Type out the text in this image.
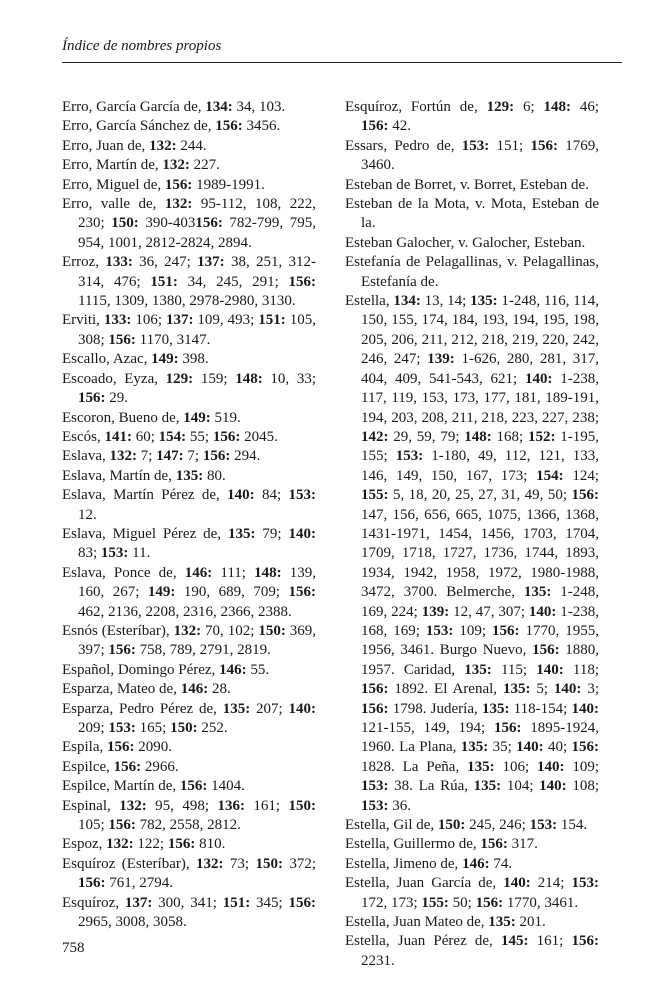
Índice de nombres propios

Erro, García García de, 134: 34, 103.

Erro, García Sánchez de, 156: 3456.

Erro, Juan de, 132: 244.

Erro, Martín de, 132: 227.

Erro, Miguel de, 156: 1989-1991.

Erro, valle de, 132: 95-112, 108, 222, 230; 150: 390-403156: 782-799, 795, 954, 1001, 2812-2824, 2894.

Erroz, 133: 36, 247; 137: 38, 251, 312-314, 476; 151: 34, 245, 291; 156: 1115, 1309, 1380, 2978-2980, 3130.

Erviti, 133: 106; 137: 109, 493; 151: 105, 308; 156: 1170, 3147.

Escallo, Azac, 149: 398.

Escoado, Eyza, 129: 159; 148: 10, 33; 156: 29.

Escoron, Bueno de, 149: 519.

Escós, 141: 60; 154: 55; 156: 2045.

Eslava, 132: 7; 147: 7; 156: 294.

Eslava, Martín de, 135: 80.

Eslava, Martín Pérez de, 140: 84; 153: 12.

Eslava, Miguel Pérez de, 135: 79; 140: 83; 153: 11.

Eslava, Ponce de, 146: 111; 148: 139, 160, 267; 149: 190, 689, 709; 156: 462, 2136, 2208, 2316, 2366, 2388.

Esnós (Esteríbar), 132: 70, 102; 150: 369, 397; 156: 758, 789, 2791, 2819.

Español, Domingo Pérez, 146: 55.

Esparza, Mateo de, 146: 28.

Esparza, Pedro Pérez de, 135: 207; 140: 209; 153: 165; 150: 252.

Espila, 156: 2090.

Espilce, 156: 2966.

Espilce, Martín de, 156: 1404.

Espinal, 132: 95, 498; 136: 161; 150: 105; 156: 782, 2558, 2812.

Espoz, 132: 122; 156: 810.

Esquíroz (Esteríbar), 132: 73; 150: 372; 156: 761, 2794.

Esquíroz, 137: 300, 341; 151: 345; 156: 2965, 3008, 3058.

Esquíroz, Fortún de, 129: 6; 148: 46; 156: 42.

Essars, Pedro de, 153: 151; 156: 1769, 3460.

Esteban de Borret, v. Borret, Esteban de.

Esteban de la Mota, v. Mota, Esteban de la.

Esteban Galocher, v. Galocher, Esteban.

Estefanía de Pelagallinas, v. Pelagallinas, Estefanía de.

Estella, 134: 13, 14; 135: 1-248, 116, 114, 150, 155, 174, 184, 193, 194, 195, 198, 205, 206, 211, 212, 218, 219, 220, 242, 246, 247; 139: 1-626, 280, 281, 317, 404, 409, 541-543, 621; 140: 1-238, 117, 119, 153, 173, 177, 181, 189-191, 194, 203, 208, 211, 218, 223, 227, 238; 142: 29, 59, 79; 148: 168; 152: 1-195, 155; 153: 1-180, 49, 112, 121, 133, 146, 149, 150, 167, 173; 154: 124; 155: 5, 18, 20, 25, 27, 31, 49, 50; 156: 147, 156, 656, 665, 1075, 1366, 1368, 1431-1971, 1454, 1456, 1703, 1704, 1709, 1718, 1727, 1736, 1744, 1893, 1934, 1942, 1958, 1972, 1980-1988, 3472, 3700. Belmerche, 135: 1-248, 169, 224; 139: 12, 47, 307; 140: 1-238, 168, 169; 153: 109; 156: 1770, 1955, 1956, 3461. Burgo Nuevo, 156: 1880, 1957. Caridad, 135: 115; 140: 118; 156: 1892. El Arenal, 135: 5; 140: 3; 156: 1798. Judería, 135: 118-154; 140: 121-155, 149, 194; 156: 1895-1924, 1960. La Plana, 135: 35; 140: 40; 156: 1828. La Peña, 135: 106; 140: 109; 153: 38. La Rúa, 135: 104; 140: 108; 153: 36.

Estella, Gil de, 150: 245, 246; 153: 154.

Estella, Guillermo de, 156: 317.

Estella, Jimeno de, 146: 74.

Estella, Juan García de, 140: 214; 153: 172, 173; 155: 50; 156: 1770, 3461.

Estella, Juan Mateo de, 135: 201.

Estella, Juan Pérez de, 145: 161; 156: 2231.

758
